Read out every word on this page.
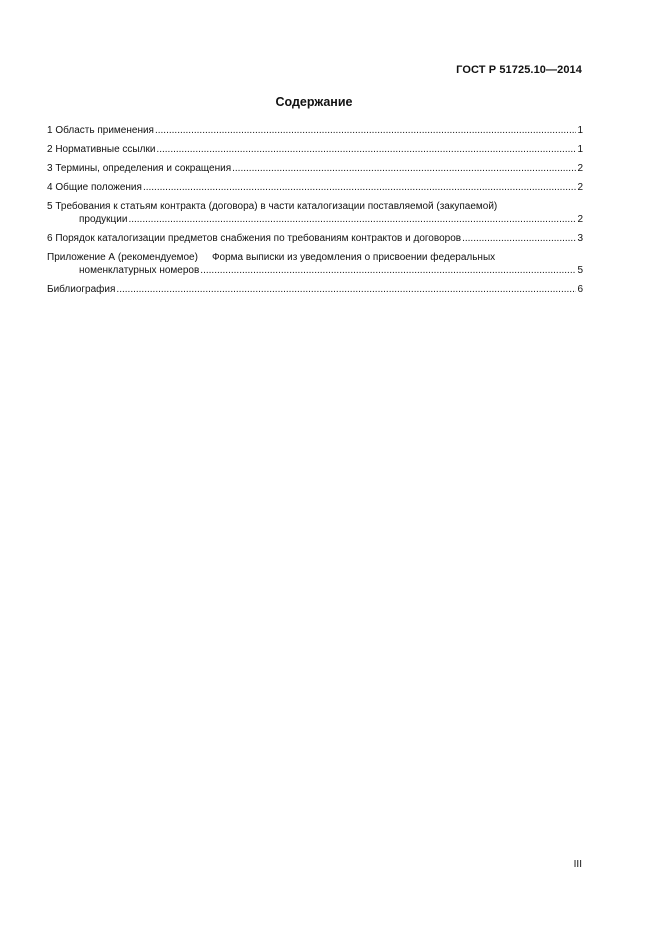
ГОСТ Р 51725.10—2014
Содержание
1 Область применения .....	1
2 Нормативные ссылки .....	1
3 Термины, определения и сокращения .....	2
4 Общие положения .....	2
5 Требования к статьям контракта (договора) в части каталогизации поставляемой (закупаемой)
продукции .....	2
6 Порядок каталогизации предметов снабжения по требованиям контрактов и договоров .....	3
Приложение А (рекомендуемое) Форма выписки из уведомления о присвоении федеральных
номенклатурных номеров .....	5
Библиография .....	6
III
